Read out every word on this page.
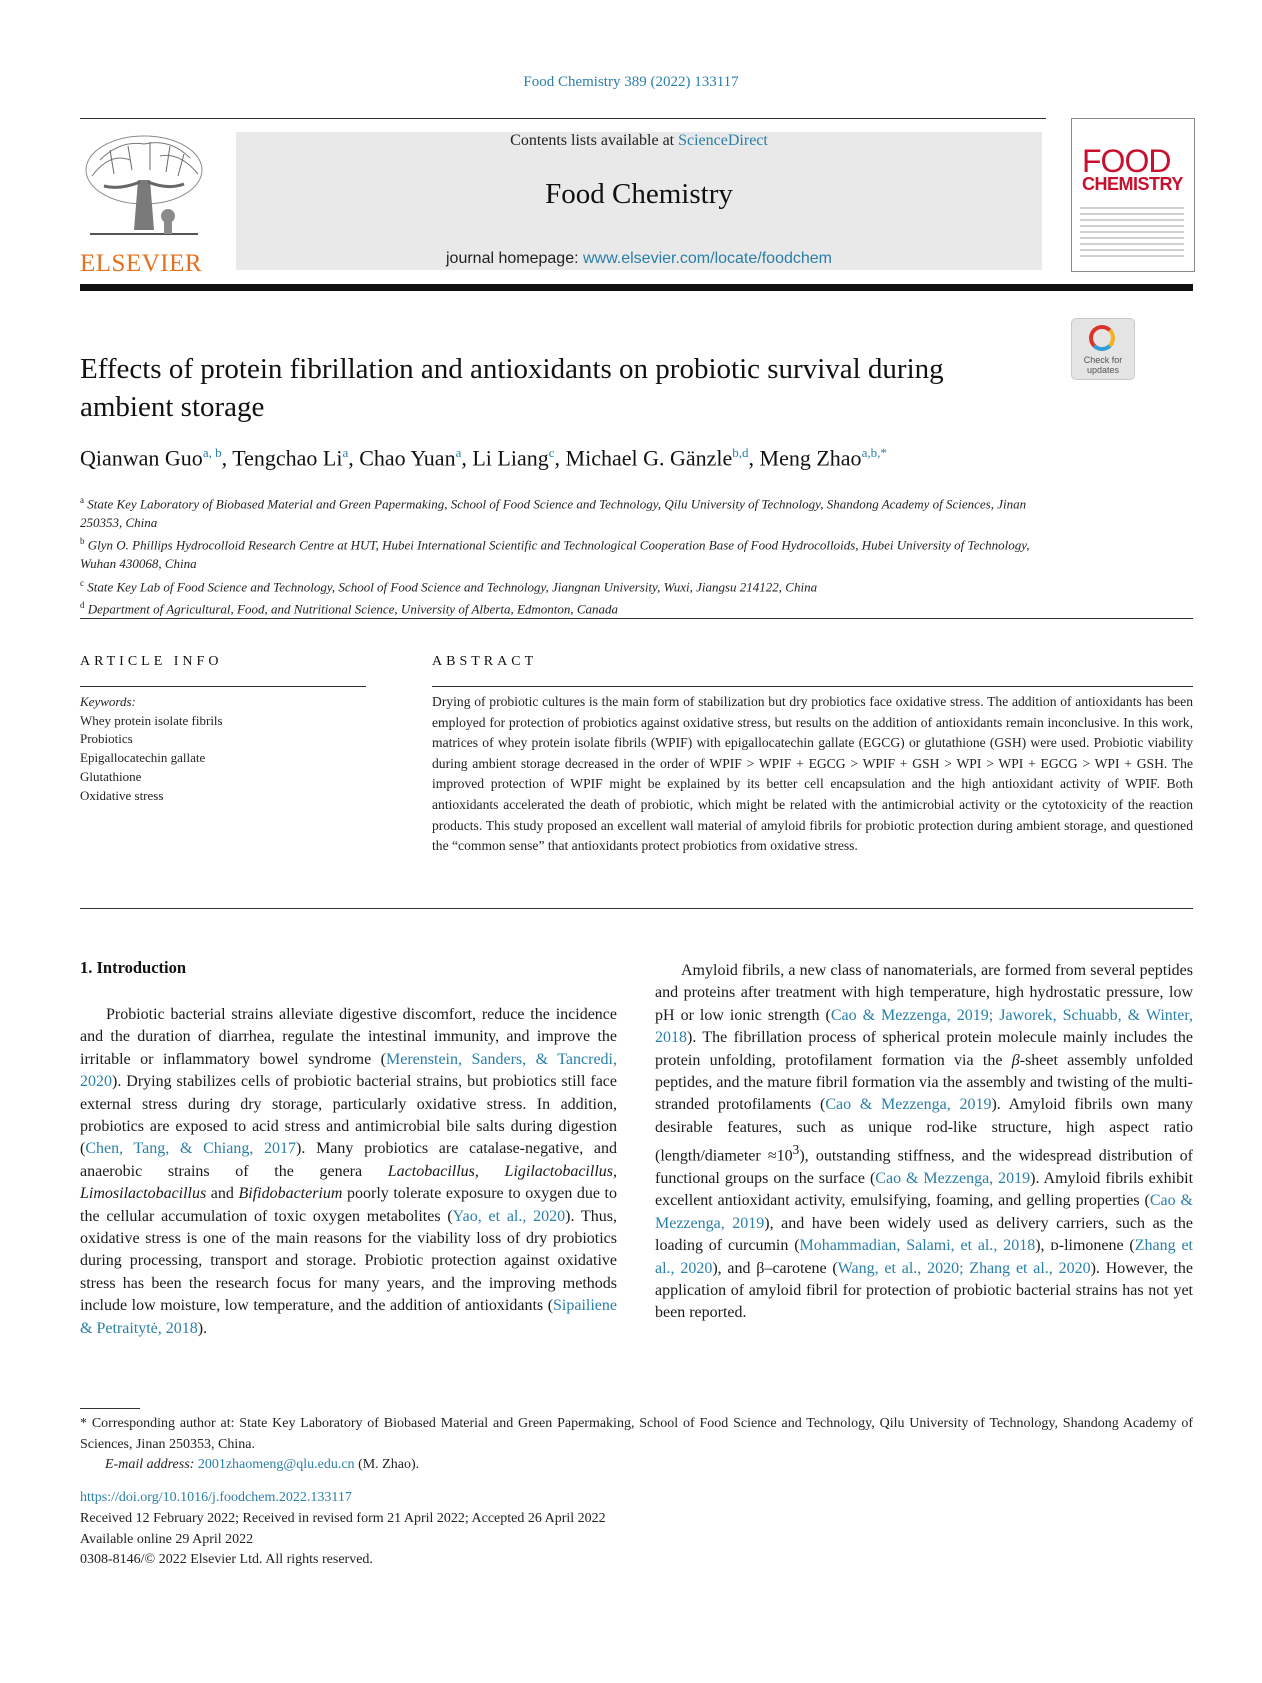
Food Chemistry 389 (2022) 133117
ELSEVIER
Contents lists available at ScienceDirect
Food Chemistry
journal homepage: www.elsevier.com/locate/foodchem
FOOD
CHEMISTRY
Check for
updates
Effects of protein fibrillation and antioxidants on probiotic survival during ambient storage
Qianwan Guo$^{a, b}$, Tengchao Li$^a$, Chao Yuan$^a$, Li Liang$^c$, Michael G. Gänzle$^{b,d}$, Meng Zhao$^{a,b,*}$
$^a$ State Key Laboratory of Biobased Material and Green Papermaking, School of Food Science and Technology, Qilu University of Technology, Shandong Academy of Sciences, Jinan 250353, China
$^b$ Glyn O. Phillips Hydrocolloid Research Centre at HUT, Hubei International Scientific and Technological Cooperation Base of Food Hydrocolloids, Hubei University of Technology, Wuhan 430068, China
$^c$ State Key Lab of Food Science and Technology, School of Food Science and Technology, Jiangnan University, Wuxi, Jiangsu 214122, China
$^d$ Department of Agricultural, Food, and Nutritional Science, University of Alberta, Edmonton, Canada
ARTICLE INFO
Keywords:
Whey protein isolate fibrils
Probiotics
Epigallocatechin gallate
Glutathione
Oxidative stress
ABSTRACT
Drying of probiotic cultures is the main form of stabilization but dry probiotics face oxidative stress. The addition of antioxidants has been employed for protection of probiotics against oxidative stress, but results on the addition of antioxidants remain inconclusive. In this work, matrices of whey protein isolate fibrils (WPIF) with epigallocatechin gallate (EGCG) or glutathione (GSH) were used. Probiotic viability during ambient storage decreased in the order of WPIF > WPIF + EGCG > WPIF + GSH > WPI > WPI + EGCG > WPI + GSH. The improved protection of WPIF might be explained by its better cell encapsulation and the high antioxidant activity of WPIF. Both antioxidants accelerated the death of probiotic, which might be related with the antimicrobial activity or the cytotoxicity of the reaction products. This study proposed an excellent wall material of amyloid fibrils for probiotic protection during ambient storage, and questioned the “common sense” that antioxidants protect probiotics from oxidative stress.
1. Introduction
Probiotic bacterial strains alleviate digestive discomfort, reduce the incidence and the duration of diarrhea, regulate the intestinal immunity, and improve the irritable or inflammatory bowel syndrome (Merenstein, Sanders, & Tancredi, 2020). Drying stabilizes cells of probiotic bacterial strains, but probiotics still face external stress during dry storage, particularly oxidative stress. In addition, probiotics are exposed to acid stress and antimicrobial bile salts during digestion (Chen, Tang, & Chiang, 2017). Many probiotics are catalase-negative, and anaerobic strains of the genera Lactobacillus, Ligilactobacillus, Limosilactobacillus and Bifidobacterium poorly tolerate exposure to oxygen due to the cellular accumulation of toxic oxygen metabolites (Yao, et al., 2020). Thus, oxidative stress is one of the main reasons for the viability loss of dry probiotics during processing, transport and storage. Probiotic protection against oxidative stress has been the research focus for many years, and the improving methods include low moisture, low temperature, and the addition of antioxidants (Sipailiene & Petraitytė, 2018).
Amyloid fibrils, a new class of nanomaterials, are formed from several peptides and proteins after treatment with high temperature, high hydrostatic pressure, low pH or low ionic strength (Cao & Mezzenga, 2019; Jaworek, Schuabb, & Winter, 2018). The fibrillation process of spherical protein molecule mainly includes the protein unfolding, protofilament formation via the β-sheet assembly unfolded peptides, and the mature fibril formation via the assembly and twisting of the multi-stranded protofilaments (Cao & Mezzenga, 2019). Amyloid fibrils own many desirable features, such as unique rod-like structure, high aspect ratio (length/diameter $\approx 10^3$), outstanding stiffness, and the widespread distribution of functional groups on the surface (Cao & Mezzenga, 2019). Amyloid fibrils exhibit excellent antioxidant activity, emulsifying, foaming, and gelling properties (Cao & Mezzenga, 2019), and have been widely used as delivery carriers, such as the loading of curcumin (Mohammadian, Salami, et al., 2018), ᴅ-limonene (Zhang et al., 2020), and β–carotene (Wang, et al., 2020; Zhang et al., 2020). However, the application of amyloid fibril for protection of probiotic bacterial strains has not yet been reported.
* Corresponding author at: State Key Laboratory of Biobased Material and Green Papermaking, School of Food Science and Technology, Qilu University of Technology, Shandong Academy of Sciences, Jinan 250353, China.
E-mail address: 2001zhaomeng@qlu.edu.cn (M. Zhao).
https://doi.org/10.1016/j.foodchem.2022.133117
Received 12 February 2022; Received in revised form 21 April 2022; Accepted 26 April 2022
Available online 29 April 2022
0308-8146/© 2022 Elsevier Ltd. All rights reserved.
